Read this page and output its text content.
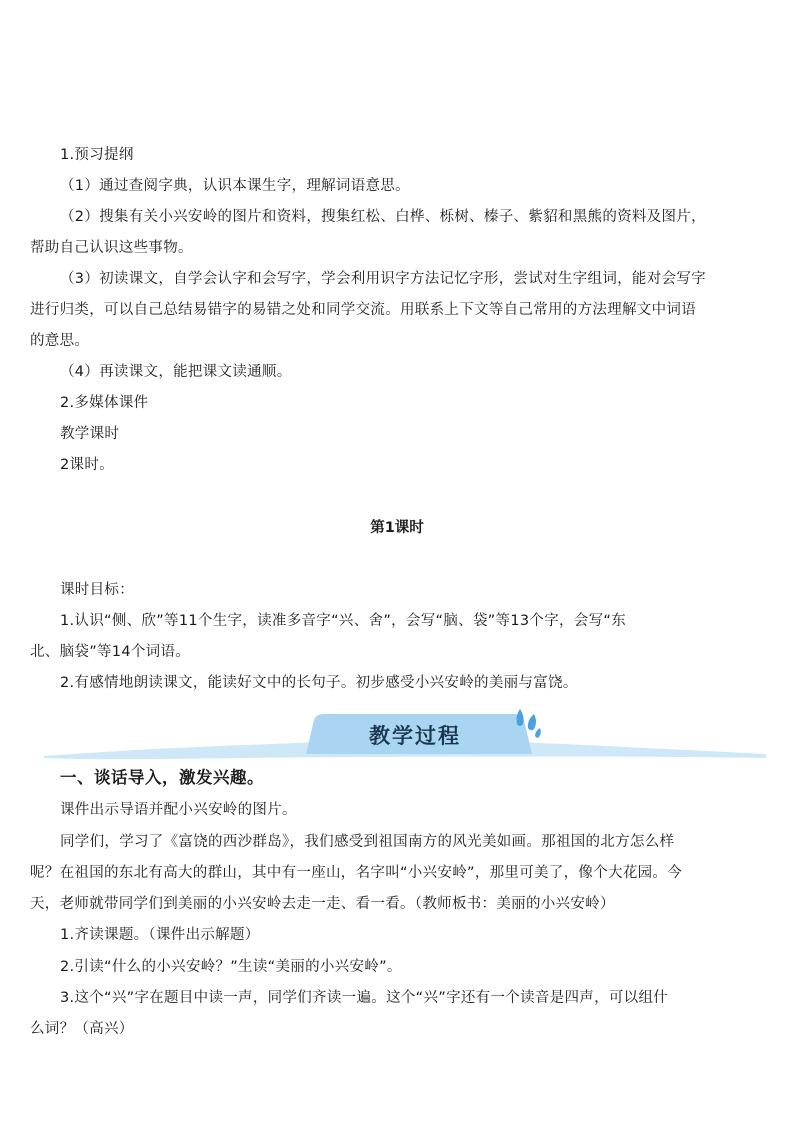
1.预习提纲
（1）通过查阅字典，认识本课生字，理解词语意思。
（2）搜集有关小兴安岭的图片和资料，搜集红松、白桦、栎树、榛子、紫貂和黑熊的资料及图片，
帮助自己认识这些事物。
（3）初读课文，自学会认字和会写字，学会利用识字方法记忆字形，尝试对生字组词，能对会写字
进行归类，可以自己总结易错字的易错之处和同学交流。用联系上下文等自己常用的方法理解文中词语
的意思。
（4）再读课文，能把课文读通顺。
2.多媒体课件
教学课时
2课时。
第1课时
课时目标：
1.认识“侧、欣”等11个生字，读准多音字“兴、舍”，会写“脑、袋”等13个字，会写“东
北、脑袋”等14个词语。
2.有感情地朗读课文，能读好文中的长句子。初步感受小兴安岭的美丽与富饶。
教学过程
一、谈话导入，激发兴趣。
课件出示导语并配小兴安岭的图片。
同学们，学习了《富饶的西沙群岛》，我们感受到祖国南方的风光美如画。那祖国的北方怎么样
呢？在祖国的东北有高大的群山，其中有一座山，名字叫“小兴安岭”，那里可美了，像个大花园。今
天，老师就带同学们到美丽的小兴安岭去走一走、看一看。（教师板书：美丽的小兴安岭）
1.齐读课题。（课件出示解题）
2.引读“什么的小兴安岭？”生读“美丽的小兴安岭”。
3.这个“兴”字在题目中读一声，同学们齐读一遍。这个“兴”字还有一个读音是四声，可以组什
么词？（高兴）
